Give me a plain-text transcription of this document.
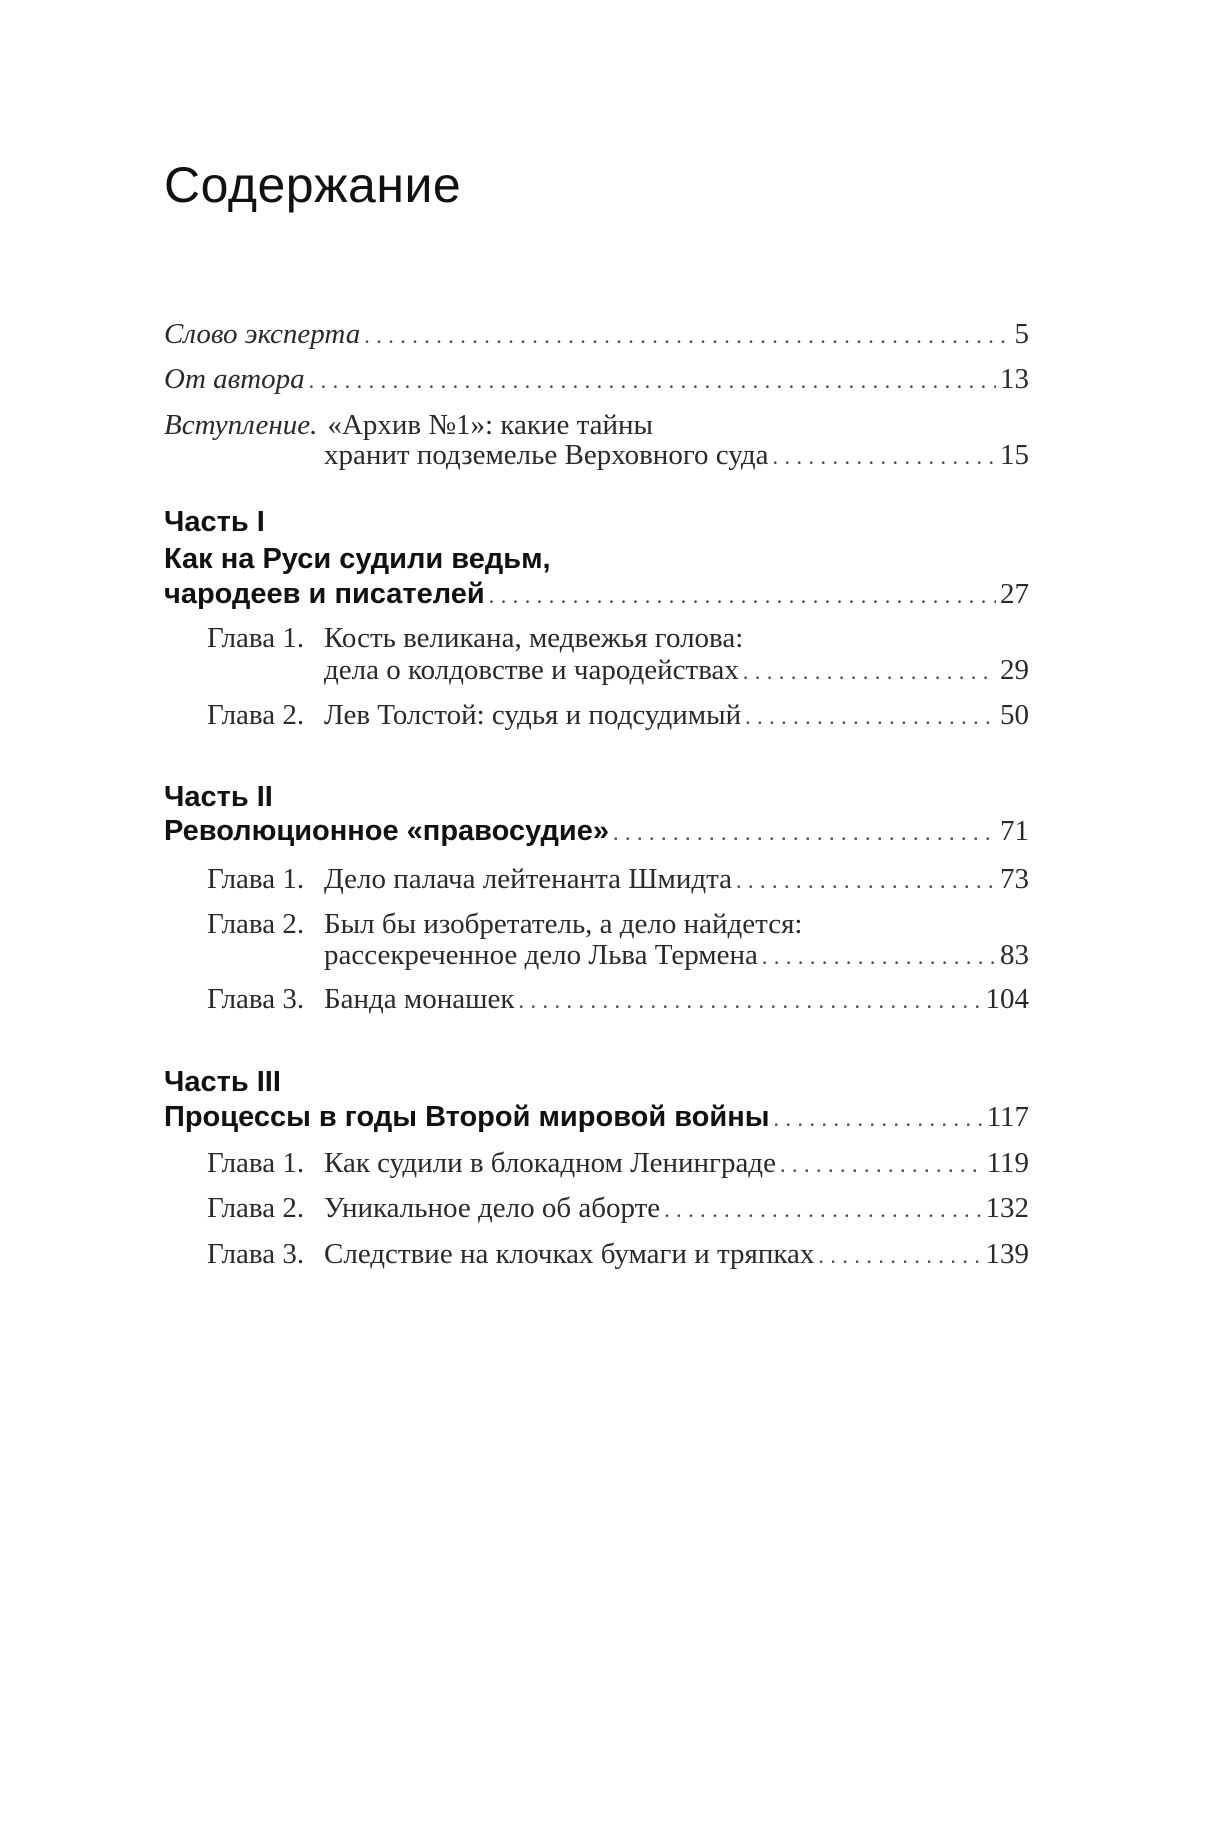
Содержание
Слово эксперта . . .	5
От автора . . .	13
Вступление. «Архив №1»: какие тайны
хранит подземелье Верховного суда . . .	15
Часть I
Как на Руси судили ведьм,
чародеев и писателей . . .	27
Глава 1. Кость великана, медвежья голова:
дела о колдовстве и чародействах . . .	29
Глава 2. Лев Толстой: судья и подсудимый . . .	50
Часть II
Революционное «правосудие» . . .	71
Глава 1. Дело палача лейтенанта Шмидта . . .	73
Глава 2. Был бы изобретатель, а дело найдется:
рассекреченное дело Льва Термена . . .	83
Глава 3. Банда монашек . . .	104
Часть III
Процессы в годы Второй мировой войны . . .	117
Глава 1. Как судили в блокадном Ленинграде . . .	119
Глава 2. Уникальное дело об аборте . . .	132
Глава 3. Следствие на клочках бумаги и тряпках . . .	139
